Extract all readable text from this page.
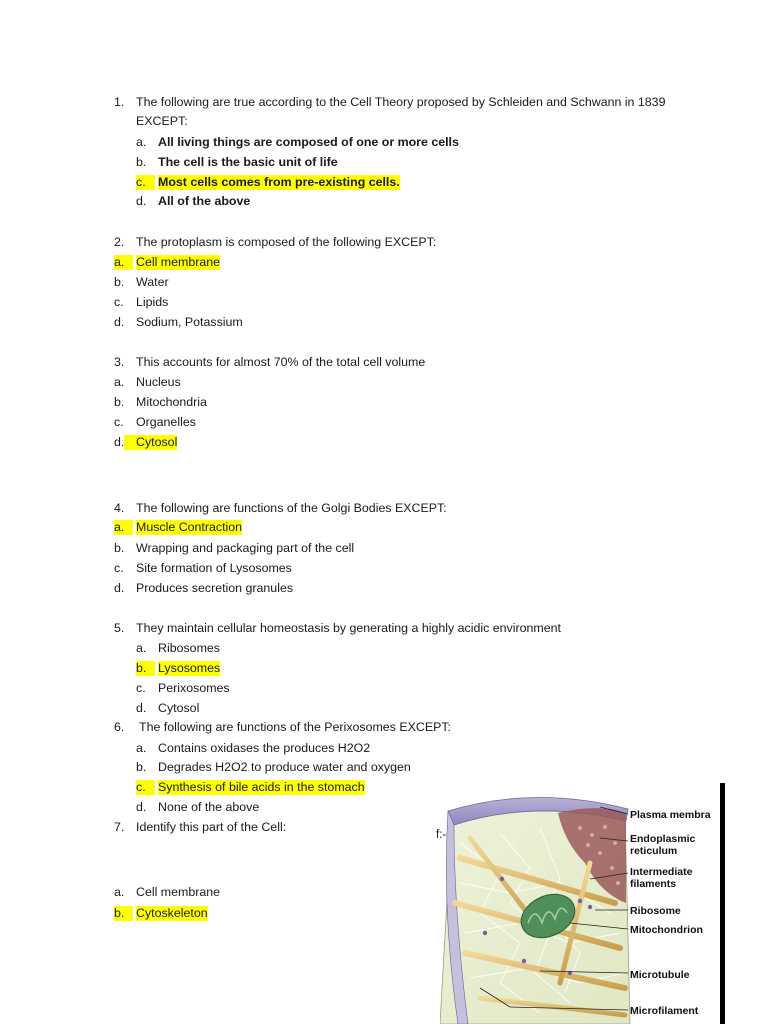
1. The following are true according to the Cell Theory proposed by Schleiden and Schwann in 1839
EXCEPT:
a. All living things are composed of one or more cells
b. The cell is the basic unit of life
c. Most cells comes from pre-existing cells.
d. All of the above
2. The protoplasm is composed of the following EXCEPT:
a. Cell membrane
b. Water
c. Lipids
d. Sodium, Potassium
3. This accounts for almost 70% of the total cell volume
a. Nucleus
b. Mitochondria
c. Organelles
d. Cytosol
4. The following are functions of the Golgi Bodies EXCEPT:
a. Muscle Contraction
b. Wrapping and packaging part of the cell
c. Site formation of Lysosomes
d. Produces secretion granules
5. They maintain cellular homeostasis by generating a highly acidic environment
a. Ribosomes
b. Lysosomes
c. Perixosomes
d. Cytosol
6. The following are functions of the Perixosomes EXCEPT:
a. Contains oxidases the produces H2O2
b. Degrades H2O2 to produce water and oxygen
c. Synthesis of bile acids in the stomach
d. None of the above
7. Identify this part of the Cell:
f:-
a. Cell membrane
b. Cytoskeleton
Plasma membra
Endoplasmic
reticulum
Intermediate
filaments
Ribosome
Mitochondrion
Microtubule
Microfilament
